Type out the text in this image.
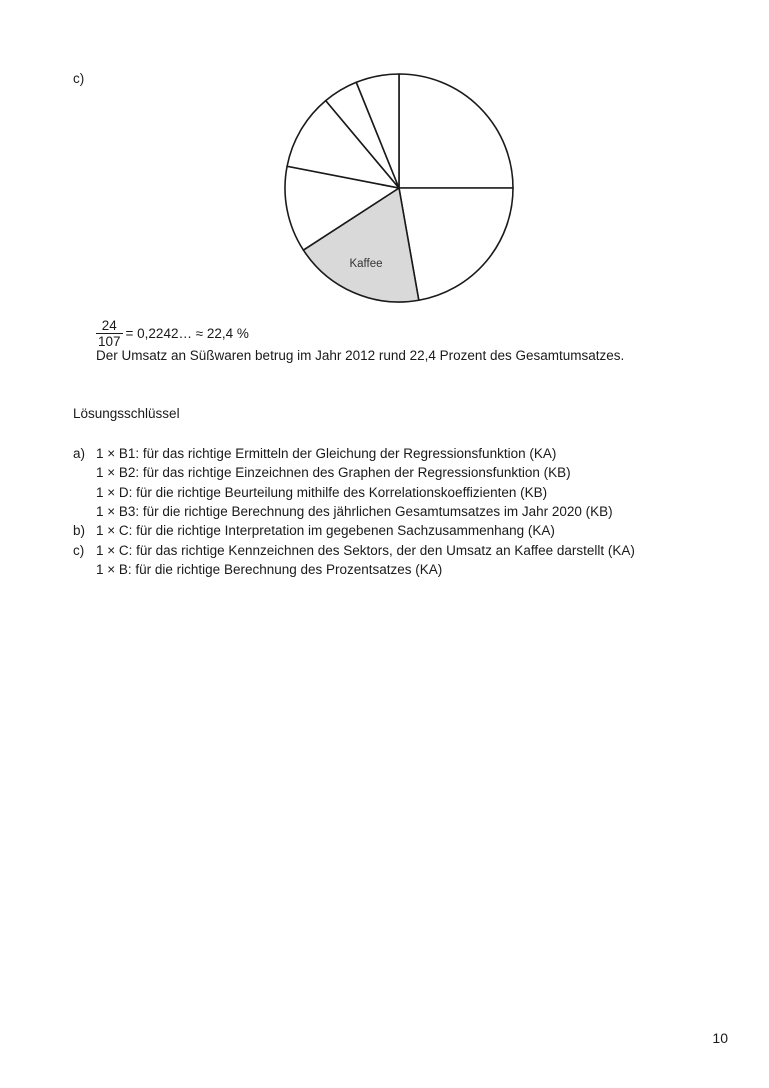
c)
Kaffee
$\frac{24}{107}$ = 0,2242… ≈ 22,4 %
Der Umsatz an Süßwaren betrug im Jahr 2012 rund 22,4 Prozent des Gesamtumsatzes.
Lösungsschlüssel
a) 1 × B1: für das richtige Ermitteln der Gleichung der Regressionsfunktion (KA)
1 × B2: für das richtige Einzeichnen des Graphen der Regressionsfunktion (KB)
1 × D: für die richtige Beurteilung mithilfe des Korrelationskoeffizienten (KB)
1 × B3: für die richtige Berechnung des jährlichen Gesamtumsatzes im Jahr 2020 (KB)
b) 1 × C: für die richtige Interpretation im gegebenen Sachzusammenhang (KA)
c) 1 × C: für das richtige Kennzeichnen des Sektors, der den Umsatz an Kaffee darstellt (KA)
1 × B: für die richtige Berechnung des Prozentsatzes (KA)
10
